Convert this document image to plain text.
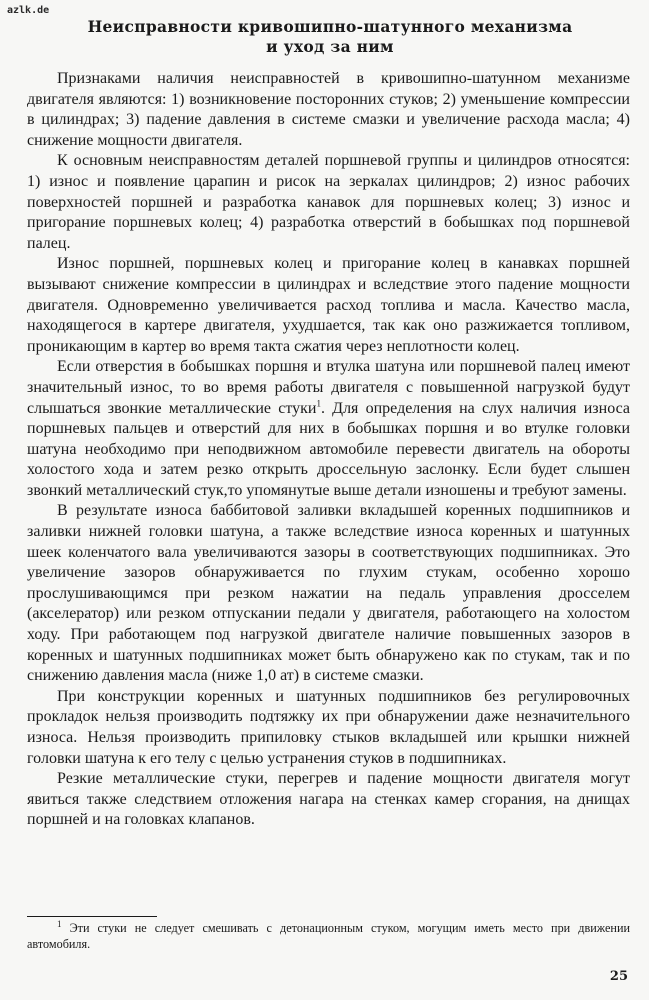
azlk.de
Неисправности кривошипно-шатунного механизма
и уход за ним

Признаками наличия неисправностей в кривошипно-шатунном механизме двигателя являются: 1) возникновение посторонних стуков; 2) уменьшение компрессии в цилиндрах; 3) падение давления в системе смазки и увеличение расхода масла; 4) снижение мощности двигателя.

К основным неисправностям деталей поршневой группы и цилиндров относятся: 1) износ и появление царапин и рисок на зеркалах цилиндров; 2) износ рабочих поверхностей поршней и разработка канавок для поршневых колец; 3) износ и пригорание поршневых колец; 4) разработка отверстий в бобышках под поршневой палец.

Износ поршней, поршневых колец и пригорание колец в канавках поршней вызывают снижение компрессии в цилиндрах и вследствие этого падение мощности двигателя. Одновременно увеличивается расход топлива и масла. Качество масла, находящегося в картере двигателя, ухудшается, так как оно разжижается топливом, проникающим в картер во время такта сжатия через неплотности колец.

Если отверстия в бобышках поршня и втулка шатуна или поршневой палец имеют значительный износ, то во время работы двигателя с повышенной нагрузкой будут слышаться звонкие металлические стуки$^1$. Для определения на слух наличия износа поршневых пальцев и отверстий для них в бобышках поршня и во втулке головки шатуна необходимо при неподвижном автомобиле перевести двигатель на обороты холостого хода и затем резко открыть дроссельную заслонку. Если будет слышен звонкий металлический стук,то упомянутые выше детали изношены и требуют замены.

В результате износа баббитовой заливки вкладышей коренных подшипников и заливки нижней головки шатуна, а также вследствие износа коренных и шатунных шеек коленчатого вала увеличиваются зазоры в соответствующих подшипниках. Это увеличение зазоров обнаруживается по глухим стукам, особенно хорошо прослушивающимся при резком нажатии на педаль управления дросселем (акселератор) или резком отпускании педали у двигателя, работающего на холостом ходу. При работающем под нагрузкой двигателе наличие повышенных зазоров в коренных и шатунных подшипниках может быть обнаружено как по стукам, так и по снижению давления масла (ниже 1,0 ат) в системе смазки.

При конструкции коренных и шатунных подшипников без регулировочных прокладок нельзя производить подтяжку их при обнаружении даже незначительного износа. Нельзя производить припиловку стыков вкладышей или крышки нижней головки шатуна к его телу с целью устранения стуков в подшипниках.

Резкие металлические стуки, перегрев и падение мощности двигателя могут явиться также следствием отложения нагара на стенках камер сгорания, на днищах поршней и на головках клапанов.

$^1$ Эти стуки не следует смешивать с детонационным стуком, могущим иметь место при движении автомобиля.

25
